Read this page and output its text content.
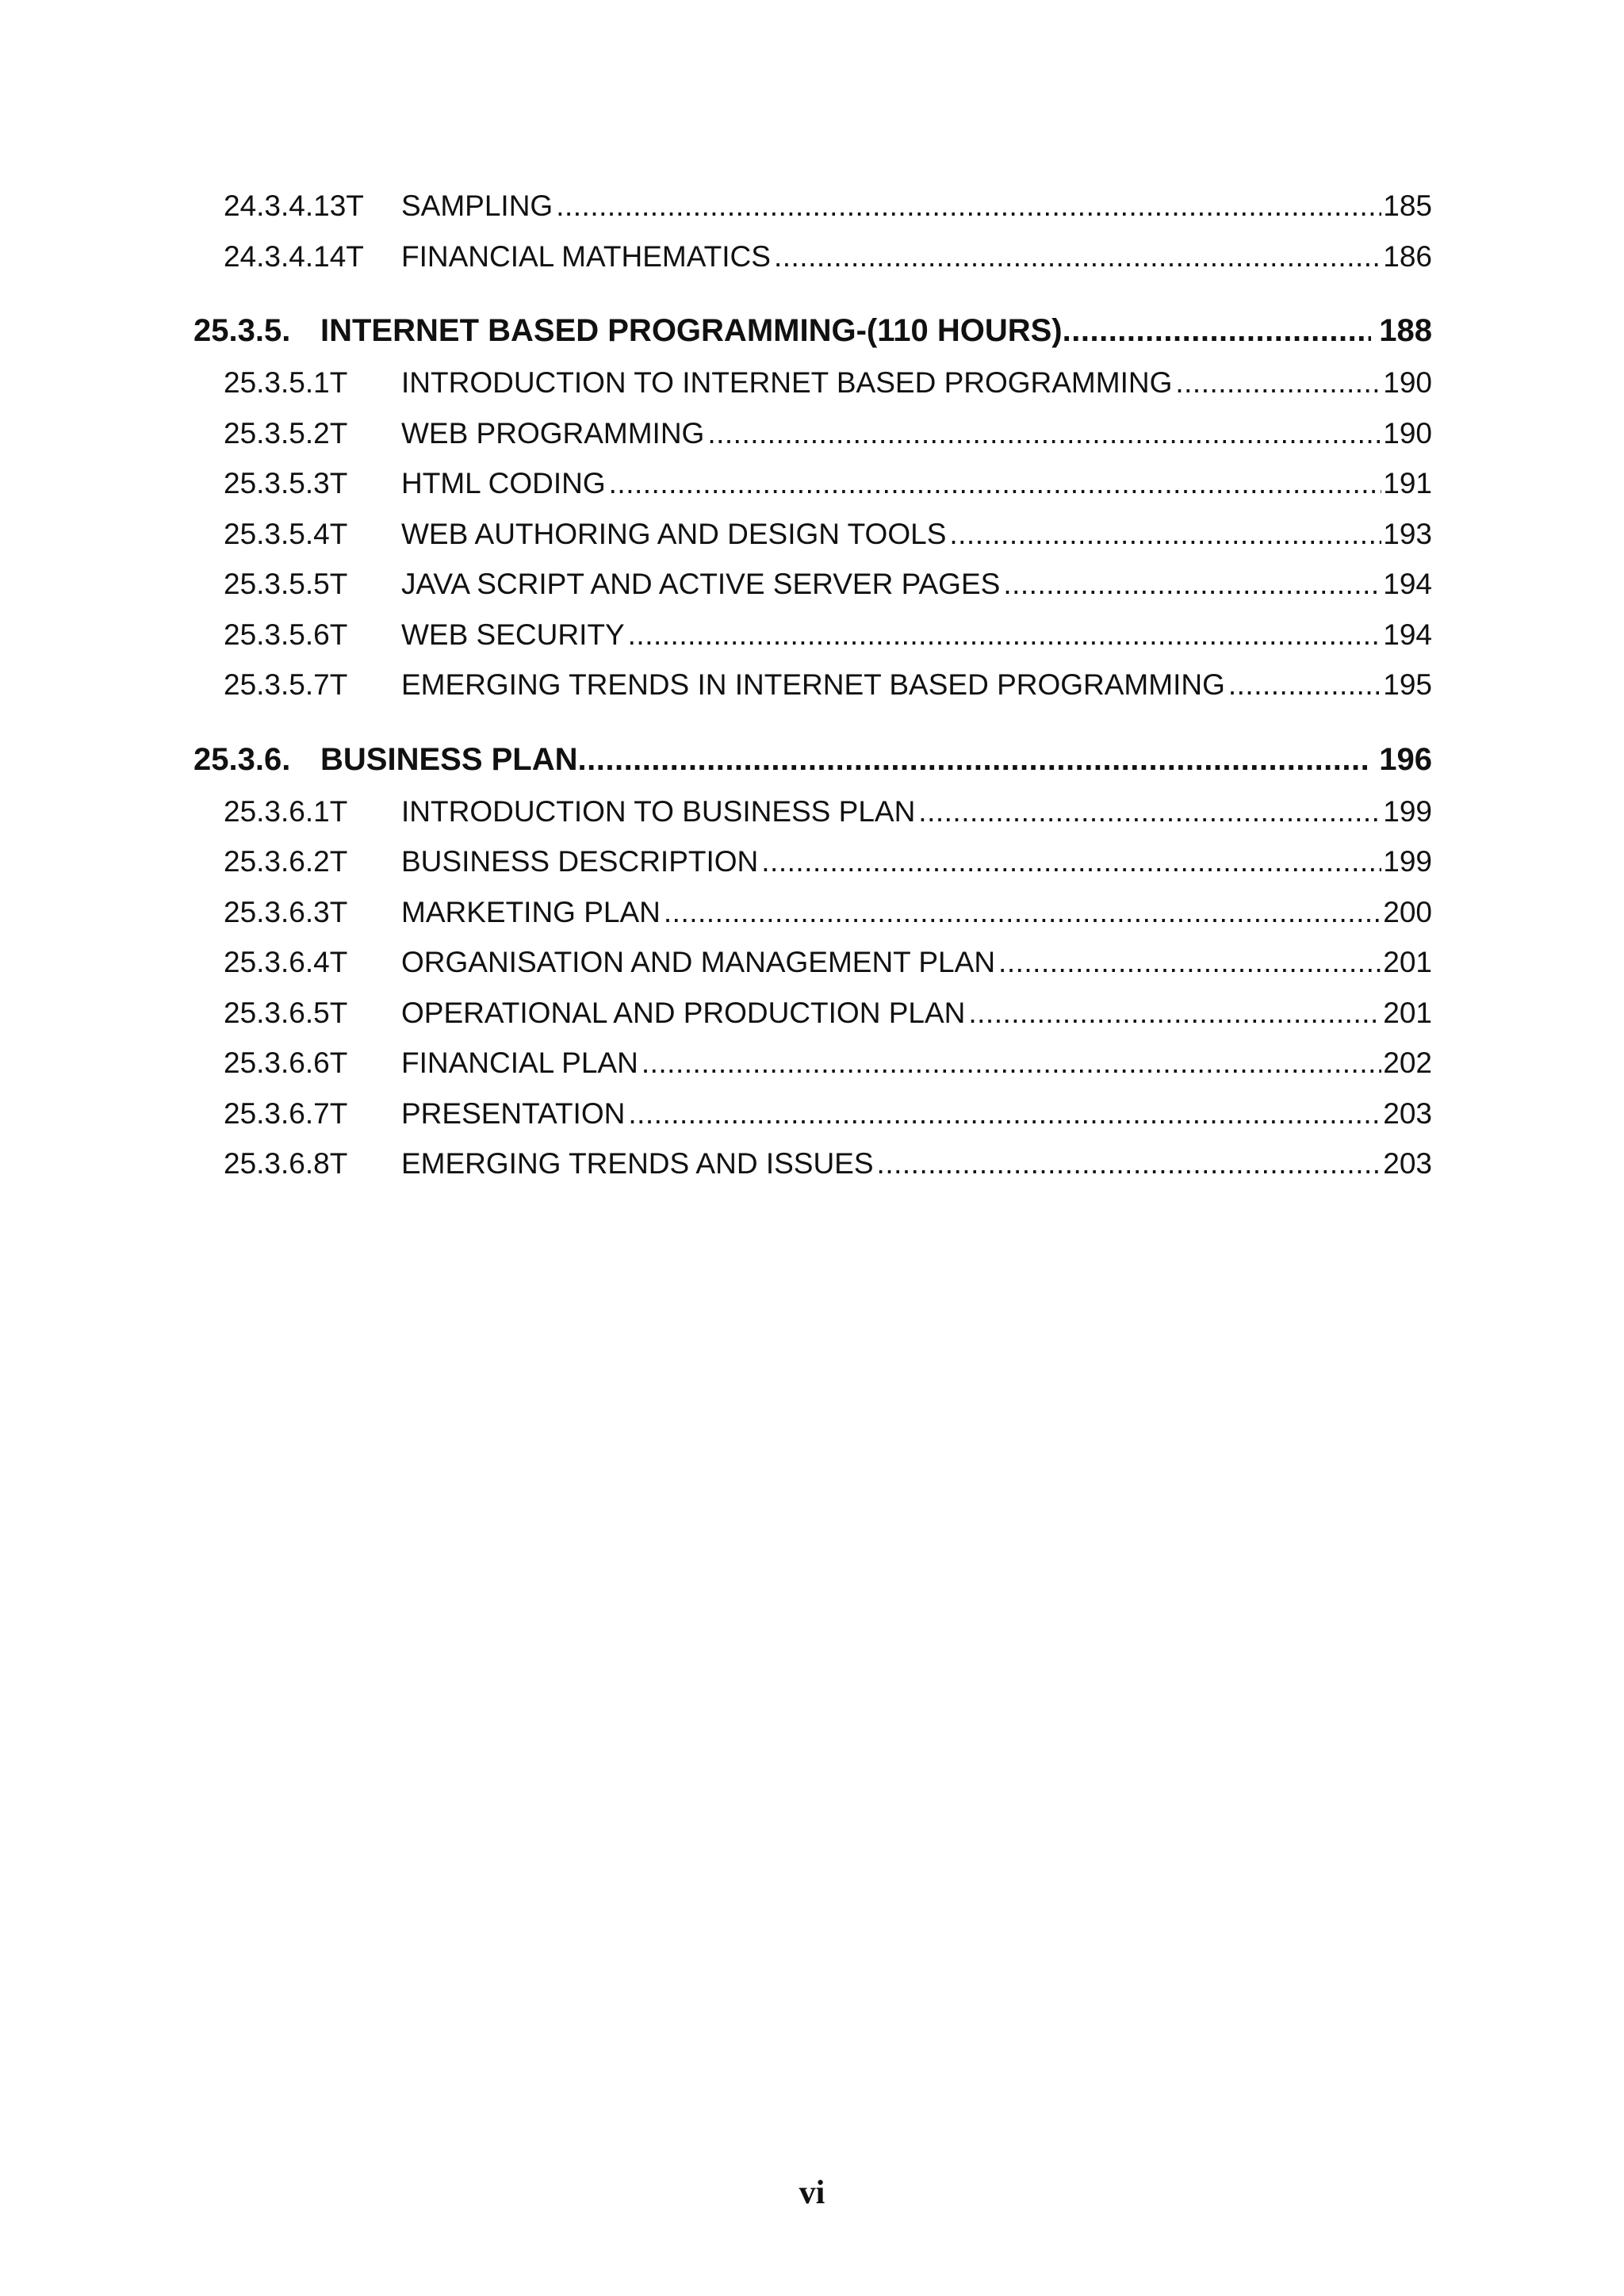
24.3.4.13T	SAMPLING .....	185
24.3.4.14T	FINANCIAL MATHEMATICS .....	186
25.3.5. INTERNET BASED PROGRAMMING-(110 HOURS) .....	188
25.3.5.1T	INTRODUCTION TO INTERNET BASED PROGRAMMING .....	190
25.3.5.2T	WEB PROGRAMMING .....	190
25.3.5.3T	HTML CODING .....	191
25.3.5.4T	WEB AUTHORING AND DESIGN TOOLS .....	193
25.3.5.5T	JAVA SCRIPT AND ACTIVE SERVER PAGES .....	194
25.3.5.6T	WEB SECURITY .....	194
25.3.5.7T	EMERGING TRENDS IN INTERNET BASED PROGRAMMING .....	195
25.3.6. BUSINESS PLAN .....	196
25.3.6.1T	INTRODUCTION TO BUSINESS PLAN .....	199
25.3.6.2T	BUSINESS DESCRIPTION .....	199
25.3.6.3T	MARKETING PLAN .....	200
25.3.6.4T	ORGANISATION AND MANAGEMENT PLAN .....	201
25.3.6.5T	OPERATIONAL AND PRODUCTION PLAN .....	201
25.3.6.6T	FINANCIAL PLAN .....	202
25.3.6.7T	PRESENTATION .....	203
25.3.6.8T	EMERGING TRENDS AND ISSUES .....	203
vi
